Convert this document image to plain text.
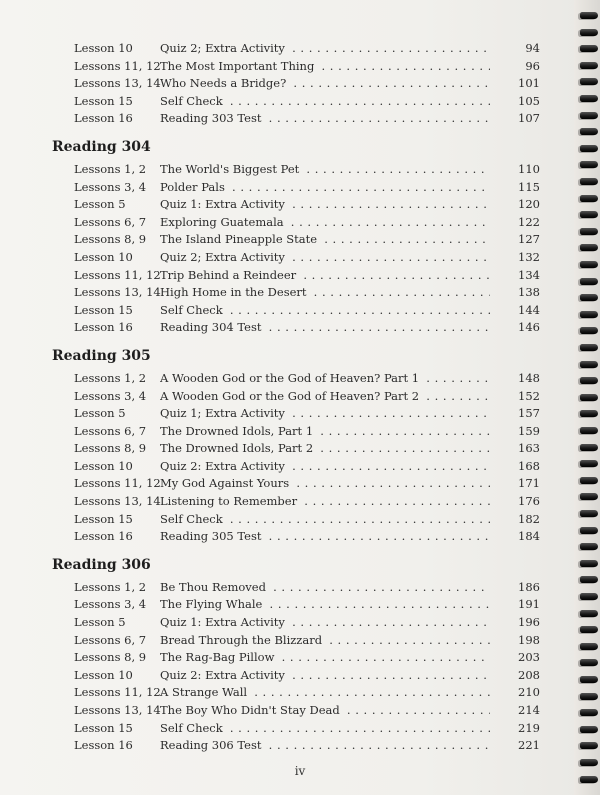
Lesson 10	Quiz 2; Extra Activity . . .	94
Lessons 11, 12 The Most Important Thing . . .	96
Lessons 13, 14 Who Needs a Bridge? . . .	101
Lesson 15	Self Check . . .	105
Lesson 16	Reading 303 Test . . .	107
Reading 304
Lessons 1, 2	The World's Biggest Pet . . .	110
Lessons 3, 4	Polder Pals . . .	115
Lesson 5	Quiz 1: Extra Activity . . .	120
Lessons 6, 7	Exploring Guatemala . . .	122
Lessons 8, 9	The Island Pineapple State . . .	127
Lesson 10	Quiz 2; Extra Activity . . .	132
Lessons 11, 12 Trip Behind a Reindeer . . .	134
Lessons 13, 14 High Home in the Desert . . .	138
Lesson 15	Self Check . . .	144
Lesson 16	Reading 304 Test . . .	146
Reading 305
Lessons 1, 2	A Wooden God or the God of Heaven? Part 1 . . .	148
Lessons 3, 4	A Wooden God or the God of Heaven? Part 2 . . .	152
Lesson 5	Quiz 1; Extra Activity . . .	157
Lessons 6, 7	The Drowned Idols, Part 1 . . .	159
Lessons 8, 9	The Drowned Idols, Part 2 . . .	163
Lesson 10	Quiz 2: Extra Activity . . .	168
Lessons 11, 12 My God Against Yours . . .	171
Lessons 13, 14 Listening to Remember . . .	176
Lesson 15	Self Check . . .	182
Lesson 16	Reading 305 Test . . .	184
Reading 306
Lessons 1, 2	Be Thou Removed . . .	186
Lessons 3, 4	The Flying Whale . . .	191
Lesson 5	Quiz 1: Extra Activity . . .	196
Lessons 6, 7	Bread Through the Blizzard . . .	198
Lessons 8, 9	The Rag-Bag Pillow . . .	203
Lesson 10	Quiz 2: Extra Activity . . .	208
Lessons 11, 12 A Strange Wall . . .	210
Lessons 13, 14 The Boy Who Didn't Stay Dead . . .	214
Lesson 15	Self Check . . .	219
Lesson 16	Reading 306 Test . . .	221
iv
